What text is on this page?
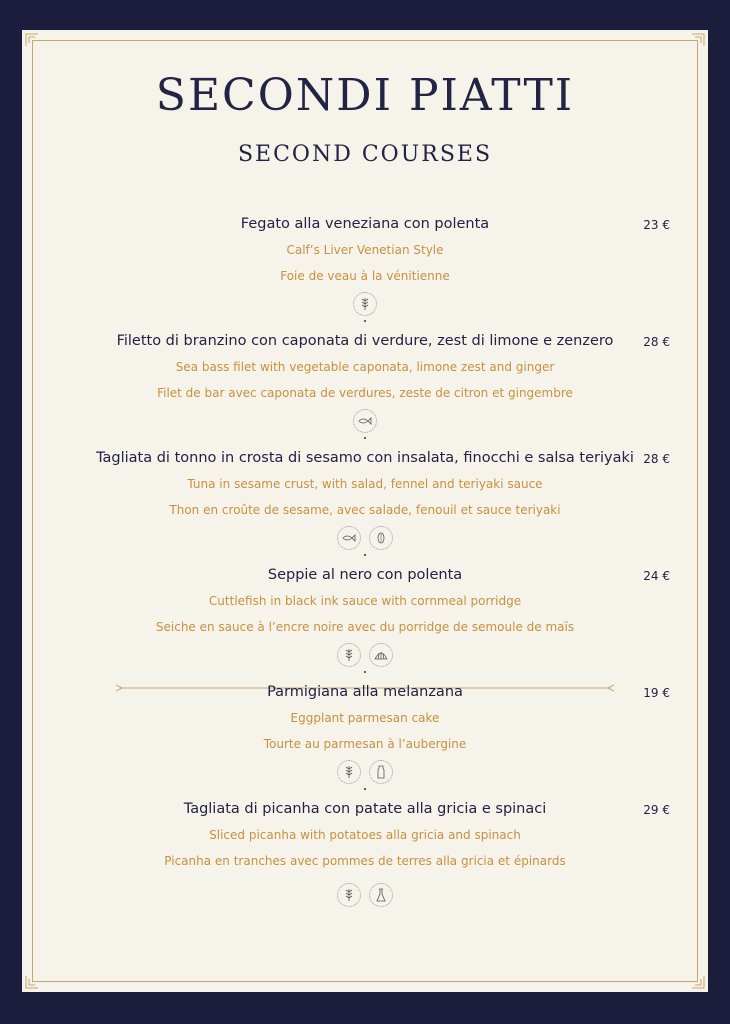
SECONDI PIATTI
SECOND COURSES
Fegato alla veneziana con polenta	23 €
Calf’s Liver Venetian Style
Foie de veau à la vénitienne
Filetto di branzino con caponata di verdure, zest di limone e zenzero	28 €
Sea bass filet with vegetable caponata, limone zest and ginger
Filet de bar avec caponata de verdures, zeste de citron et gingembre
Tagliata di tonno in crosta di sesamo con insalata, finocchi e salsa teriyaki 28 €
Tuna in sesame crust, with salad, fennel and teriyaki sauce
Thon en croûte de sesame, avec salade, fenouil et sauce teriyaki
Seppie al nero con polenta	24 €
Cuttlefish in black ink sauce with cornmeal porridge
Seiche en sauce à l’encre noire avec du porridge de semoule de maïs
Parmigiana alla melanzana	19 €
Eggplant parmesan cake
Tourte au parmesan à l’aubergine
Tagliata di picanha con patate alla gricia e spinaci	29 €
Sliced picanha with potatoes alla gricia and spinach
Picanha en tranches avec pommes de terres alla gricia et épinards
